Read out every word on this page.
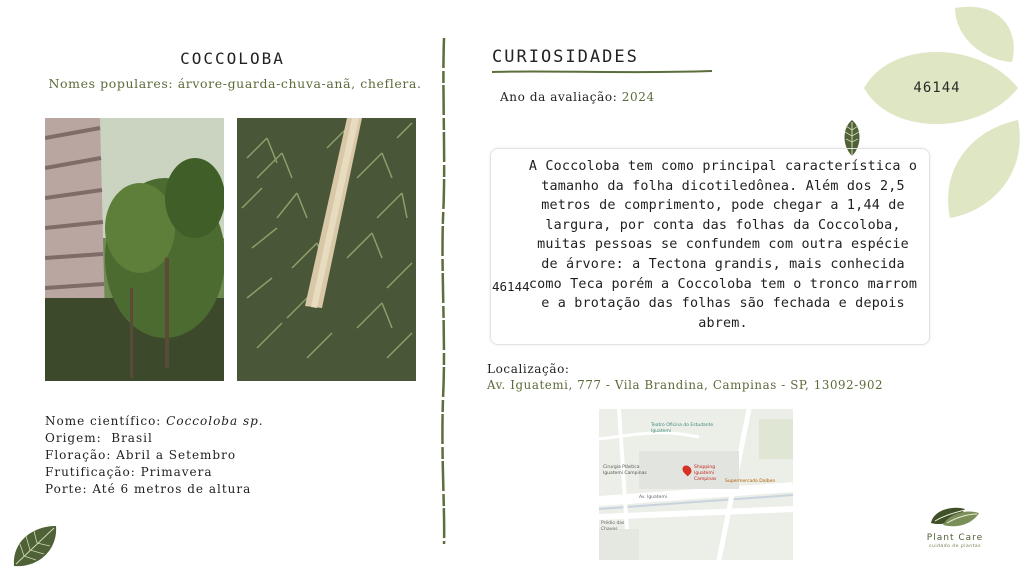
COCCOLOBA
Nomes populares: árvore-guarda-chuva-anã, cheflera.
Nome científico: Coccoloba sp.
Origem:  Brasil
Floração: Abril a Setembro
Frutificação: Primavera
Porte: Até 6 metros de altura
CURIOSIDADES
Ano da avaliação: 2024
46144
A Coccoloba tem como principal característica o tamanho da folha dicotiledônea. Além dos 2,5 metros de comprimento, pode chegar a 1,44 de largura, por conta das folhas da Coccoloba, muitas pessoas se confundem com outra espécie de árvore: a Tectona grandis, mais conhecida como Teca porém a Coccoloba tem o tronco marrom e a brotação das folhas são fechada e depois abrem.
46144
Localização:
Av. Iguatemi, 777 - Vila Brandina, Campinas - SP, 13092-902
Teatro Oficina do Estudante Iguatemi
Cirurgia Plástica Iguatemi Campinas
Shopping Iguatemi Campinas	Supermercado Dalben
Av. Iguatemi
Prédio das Chaves
Plant Care
cuidado de plantas
